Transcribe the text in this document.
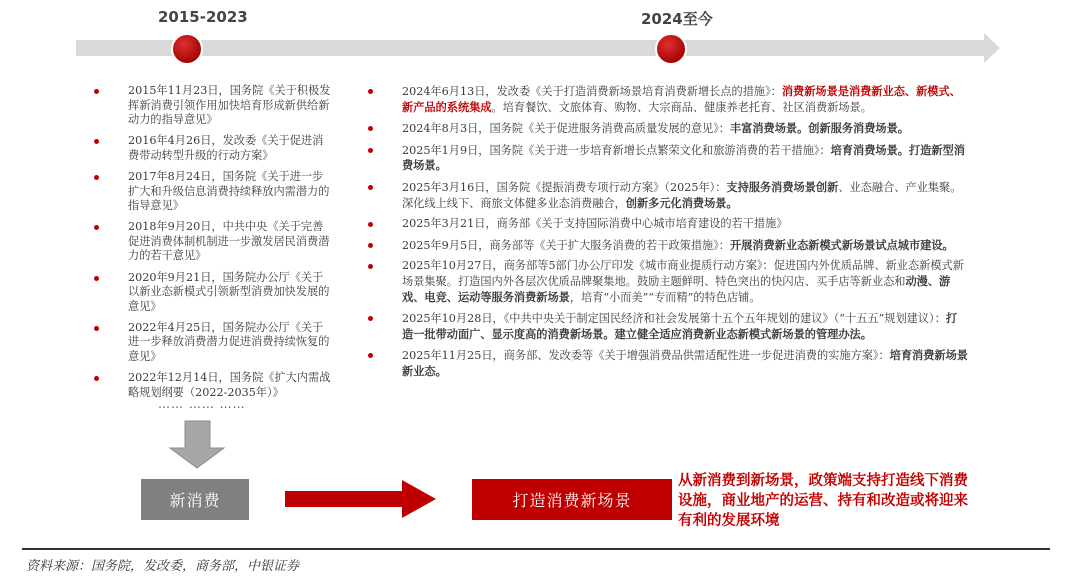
2015-2023	2024至今
2015年11月23日，国务院《关于积极发挥新消费引领作用加快培育形成新供给新动力的指导意见》
2016年4月26日，发改委《关于促进消费带动转型升级的行动方案》
2017年8月24日，国务院《关于进一步扩大和升级信息消费持续释放内需潜力的指导意见》
2018年9月20日，中共中央《关于完善促进消费体制机制进一步激发居民消费潜力的若干意见》
2020年9月21日，国务院办公厅《关于以新业态新模式引领新型消费加快发展的意见》
2022年4月25日，国务院办公厅《关于进一步释放消费潜力促进消费持续恢复的意见》
2022年12月14日，国务院《扩大内需战略规划纲要（2022-2035年）》
…… …… ……
2024年6月13日，发改委《关于打造消费新场景培育消费新增长点的措施》：消费新场景是消费新业态、新模式、新产品的系统集成。培育餐饮、文旅体育、购物、大宗商品、健康养老托育、社区消费新场景。
2024年8月3日，国务院《关于促进服务消费高质量发展的意见》：丰富消费场景。创新服务消费场景。
2025年1月9日，国务院《关于进一步培育新增长点繁荣文化和旅游消费的若干措施》：培育消费场景。打造新型消费场景。
2025年3月16日，国务院《提振消费专项行动方案》（2025年）：支持服务消费场景创新、业态融合、产业集聚。深化线上线下、商旅文体健多业态消费融合，创新多元化消费场景。
2025年3月21日，商务部《关于支持国际消费中心城市培育建设的若干措施》
2025年9月5日，商务部等《关于扩大服务消费的若干政策措施》：开展消费新业态新模式新场景试点城市建设。
2025年10月27日，商务部等5部门办公厅印发《城市商业提质行动方案》：促进国内外优质品牌、新业态新模式新场景集聚。打造国内外各层次优质品牌聚集地。鼓励主题鲜明、特色突出的快闪店、买手店等新业态和动漫、游戏、电竞、运动等服务消费新场景，培育“小而美”“专而精”的特色店铺。
2025年10月28日，《中共中央关于制定国民经济和社会发展第十五个五年规划的建议》（“十五五”规划建议）：打造一批带动面广、显示度高的消费新场景。建立健全适应消费新业态新模式新场景的管理办法。
2025年11月25日，商务部、发改委等《关于增强消费品供需适配性进一步促进消费的实施方案》：培育消费新场景新业态。
新消费	打造消费新场景
从新消费到新场景，政策端支持打造线下消费设施，商业地产的运营、持有和改造或将迎来有利的发展环境
资料来源：国务院，发改委，商务部，中银证券
